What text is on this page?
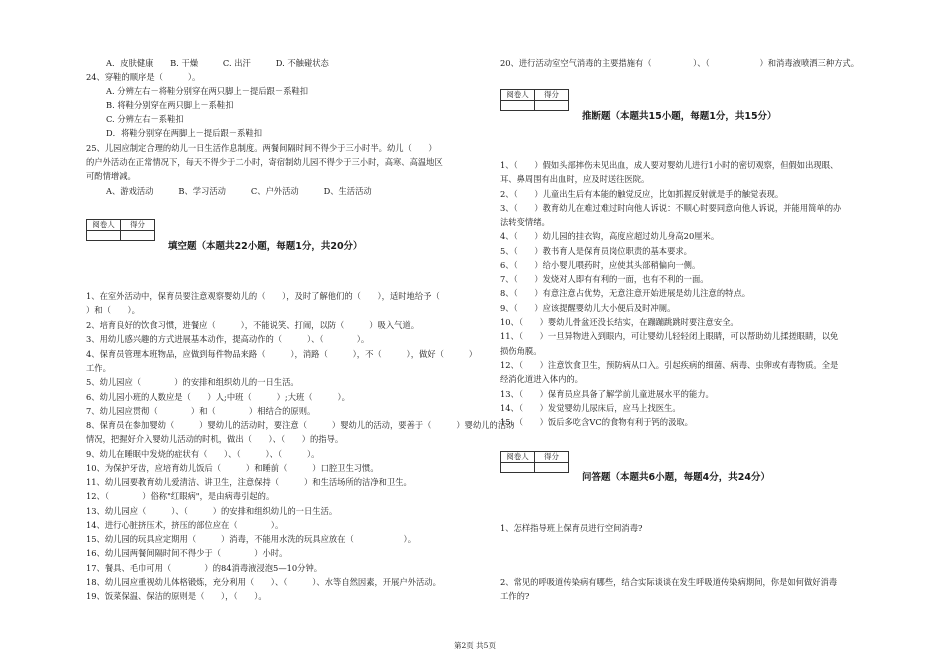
A．皮肤健康　　B. 干燥　　　C. 出汗　　　D. 不触碰状态
24、穿鞋的顺序是（　　　）。
A. 分辨左右－将鞋分别穿在两只脚上－提后跟－系鞋扣
B. 将鞋分别穿在两只脚上－系鞋扣
C. 分辨左右－系鞋扣
D．将鞋分别穿在两脚上－提后跟－系鞋扣
25、儿园应制定合理的幼儿一日生活作息制度。两餐间隔时间不得少于三小时半。幼儿（　　）
的户外活动在正常情况下，每天不得少于二小时，寄宿制幼儿园不得少于三小时，高寒、高温地区
可酌情增减。
A、游戏活动　　　B、学习活动　　　C、户外活动　　　D、生活活动
阅卷人	得分
填空题（本题共22小题，每题1分，共20分）
1、在室外活动中，保育员要注意观察婴幼儿的（　　），及时了解他们的（　　），适时地给予（
）和（　　）。
2、培育良好的饮食习惯，进餐应（　　　），不能说笑、打闹，以防（　　　）吸入气道。
3、用幼儿感兴趣的方式进展基本动作，提高动作的（　　　）、（　　　　）。
4、保育员管理本班物品，应做到每件物品来路（　　　），消路（　　　），不（　　　），做好（　　　）
工作。
5、幼儿园应（　　　　）的安排和组织幼儿的一日生活。
6、幼儿园小班的人数应是（　　）人;中班（　　　）;大班（　　　）。
7、幼儿园应贯彻（　　　　）和（　　　　）相结合的原则。
8、保育员在参加婴幼（　　　）婴幼儿的活动时，要注意（　　　）婴幼儿的活动，要善于（　　　）婴幼儿的活动
情况，把握好介入婴幼儿活动的时机，做出（　　）、（　　）的指导。
9、幼儿在睡眠中发烧的症状有（　　）、（　　　）、（　　　）。
10、为保护牙齿，应培育幼儿饭后（　　　）和睡前（　　　）口腔卫生习惯。
11、幼儿园要教育幼儿爱清洁、讲卫生，注意保持（　　　）和生活场所的洁净和卫生。
12、（　　　　）俗称"红眼病"，是由病毒引起的。
13、幼儿园应（　　　）、（　　　）的安排和组织幼儿的一日生活。
14、进行心脏挤压术，挤压的部位应在（　　　　）。
15、幼儿园的玩具应定期用（　　　）消毒，不能用水洗的玩具应放在（　　　　　　）。
16、幼儿园两餐间隔时间不得少于（　　　　）小时。
17、餐具、毛巾可用（　　　　）的84消毒液浸泡5—10分钟。
18、幼儿园应重视幼儿体格锻炼，充分利用（　　）、（　　　）、水等自然因素，开展户外活动。
19、饭菜保温、保洁的原则是（　　），（　　）。
20、进行活动室空气消毒的主要措施有（　　　　　）、（　　　　　　）和消毒液喷洒三种方式。
阅卷人	得分
推断题（本题共15小题，每题1分，共15分）
1、（　　）假如头部摔伤未见出血，成人要对婴幼儿进行1小时的密切观察，但假如出现眼、
耳、鼻周围有出血时，应及时送往医院。
2、（　　）儿童出生后有本能的触觉反应，比如抓握反射就是手的触觉表现。
3、（　　）教育幼儿在难过难过时向他人诉说：不顺心时要同意向他人诉说，并能用简单的办
法转变情绪。
4、（　　）幼儿园的挂衣钩，高度应超过幼儿身高20厘米。
5、（　　）教书育人是保育员岗位职责的基本要求。
6、（　　）给小婴儿喂药时，应使其头部稍偏向一侧。
7、（　　）发烧对人即有有利的一面，也有不利的一面。
8、（　　）有意注意占优势，无意注意开始进展是幼儿注意的特点。
9、（　　）应该提醒婴幼儿大小便后及时冲厕。
10、（　　）婴幼儿骨盆还没长结实，在蹦蹦跳跳时要注意安全。
11、（　　）一旦异物进入到眼内，可让婴幼儿轻轻闭上眼睛，可以帮助幼儿揉搓眼睛，以免
损伤角膜。
12、（　　）注意饮食卫生，预防病从口入。引起疾病的细菌、病毒、虫卵或有毒物质。全是
经消化道进入体内的。
13、（　　）保育员应具备了解学前儿童进展水平的能力。
14、（　　）发觉婴幼儿尿床后，应马上找医生。
15、（　　）饭后多吃含VC的食物有利于钙的汲取。
阅卷人	得分
问答题（本题共6小题，每题4分，共24分）
1、怎样指导班上保育员进行空间消毒?
2、常见的呼吸道传染病有哪些，结合实际谈谈在发生呼吸道传染病期间，你是如何做好消毒
工作的?
第2页 共5页
